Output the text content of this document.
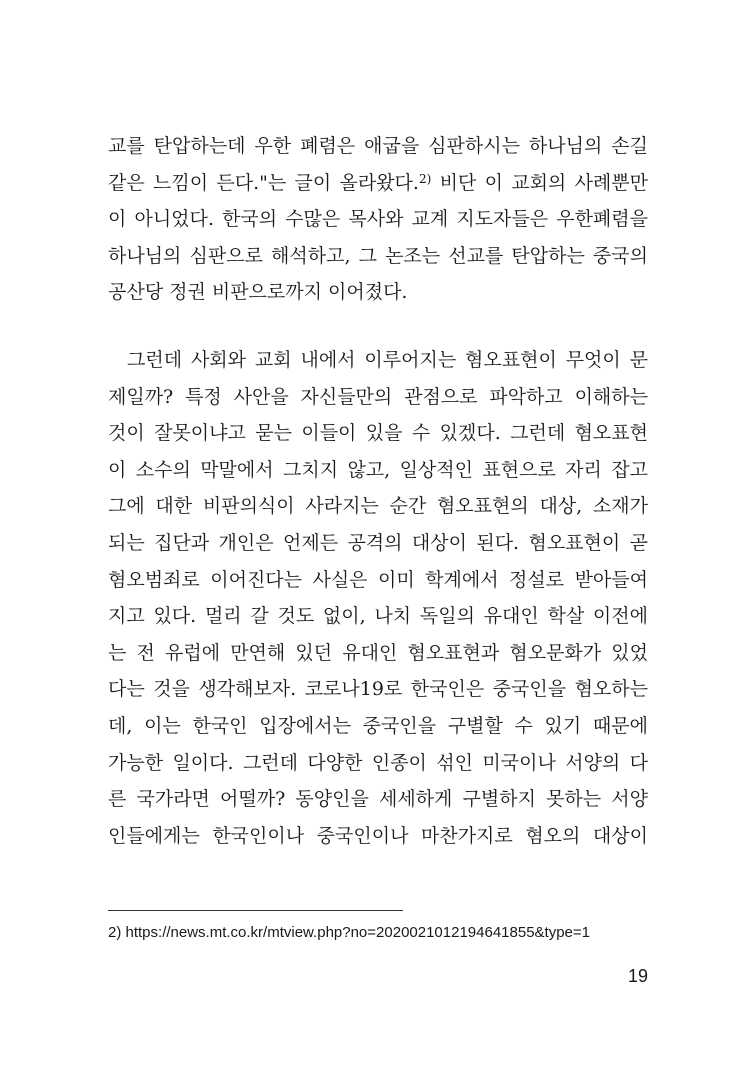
교를 탄압하는데 우한 폐렴은 애굽을 심판하시는 하나님의 손길
같은 느낌이 든다."는 글이 올라왔다.$^{2)}$ 비단 이 교회의 사례뿐만
이 아니었다. 한국의 수많은 목사와 교계 지도자들은 우한폐렴을
하나님의 심판으로 해석하고, 그 논조는 선교를 탄압하는 중국의
공산당 정권 비판으로까지 이어졌다.
그런데 사회와 교회 내에서 이루어지는 혐오표현이 무엇이 문
제일까? 특정 사안을 자신들만의 관점으로 파악하고 이해하는
것이 잘못이냐고 묻는 이들이 있을 수 있겠다. 그런데 혐오표현
이 소수의 막말에서 그치지 않고, 일상적인 표현으로 자리 잡고
그에 대한 비판의식이 사라지는 순간 혐오표현의 대상, 소재가
되는 집단과 개인은 언제든 공격의 대상이 된다. 혐오표현이 곧
혐오범죄로 이어진다는 사실은 이미 학계에서 정설로 받아들여
지고 있다. 멀리 갈 것도 없이, 나치 독일의 유대인 학살 이전에
는 전 유럽에 만연해 있던 유대인 혐오표현과 혐오문화가 있었
다는 것을 생각해보자. 코로나19로 한국인은 중국인을 혐오하는
데, 이는 한국인 입장에서는 중국인을 구별할 수 있기 때문에
가능한 일이다. 그런데 다양한 인종이 섞인 미국이나 서양의 다
른 국가라면 어떨까? 동양인을 세세하게 구별하지 못하는 서양
인들에게는 한국인이나 중국인이나 마찬가지로 혐오의 대상이
2) https://news.mt.co.kr/mtview.php?no=2020021012194641855&type=1
19
